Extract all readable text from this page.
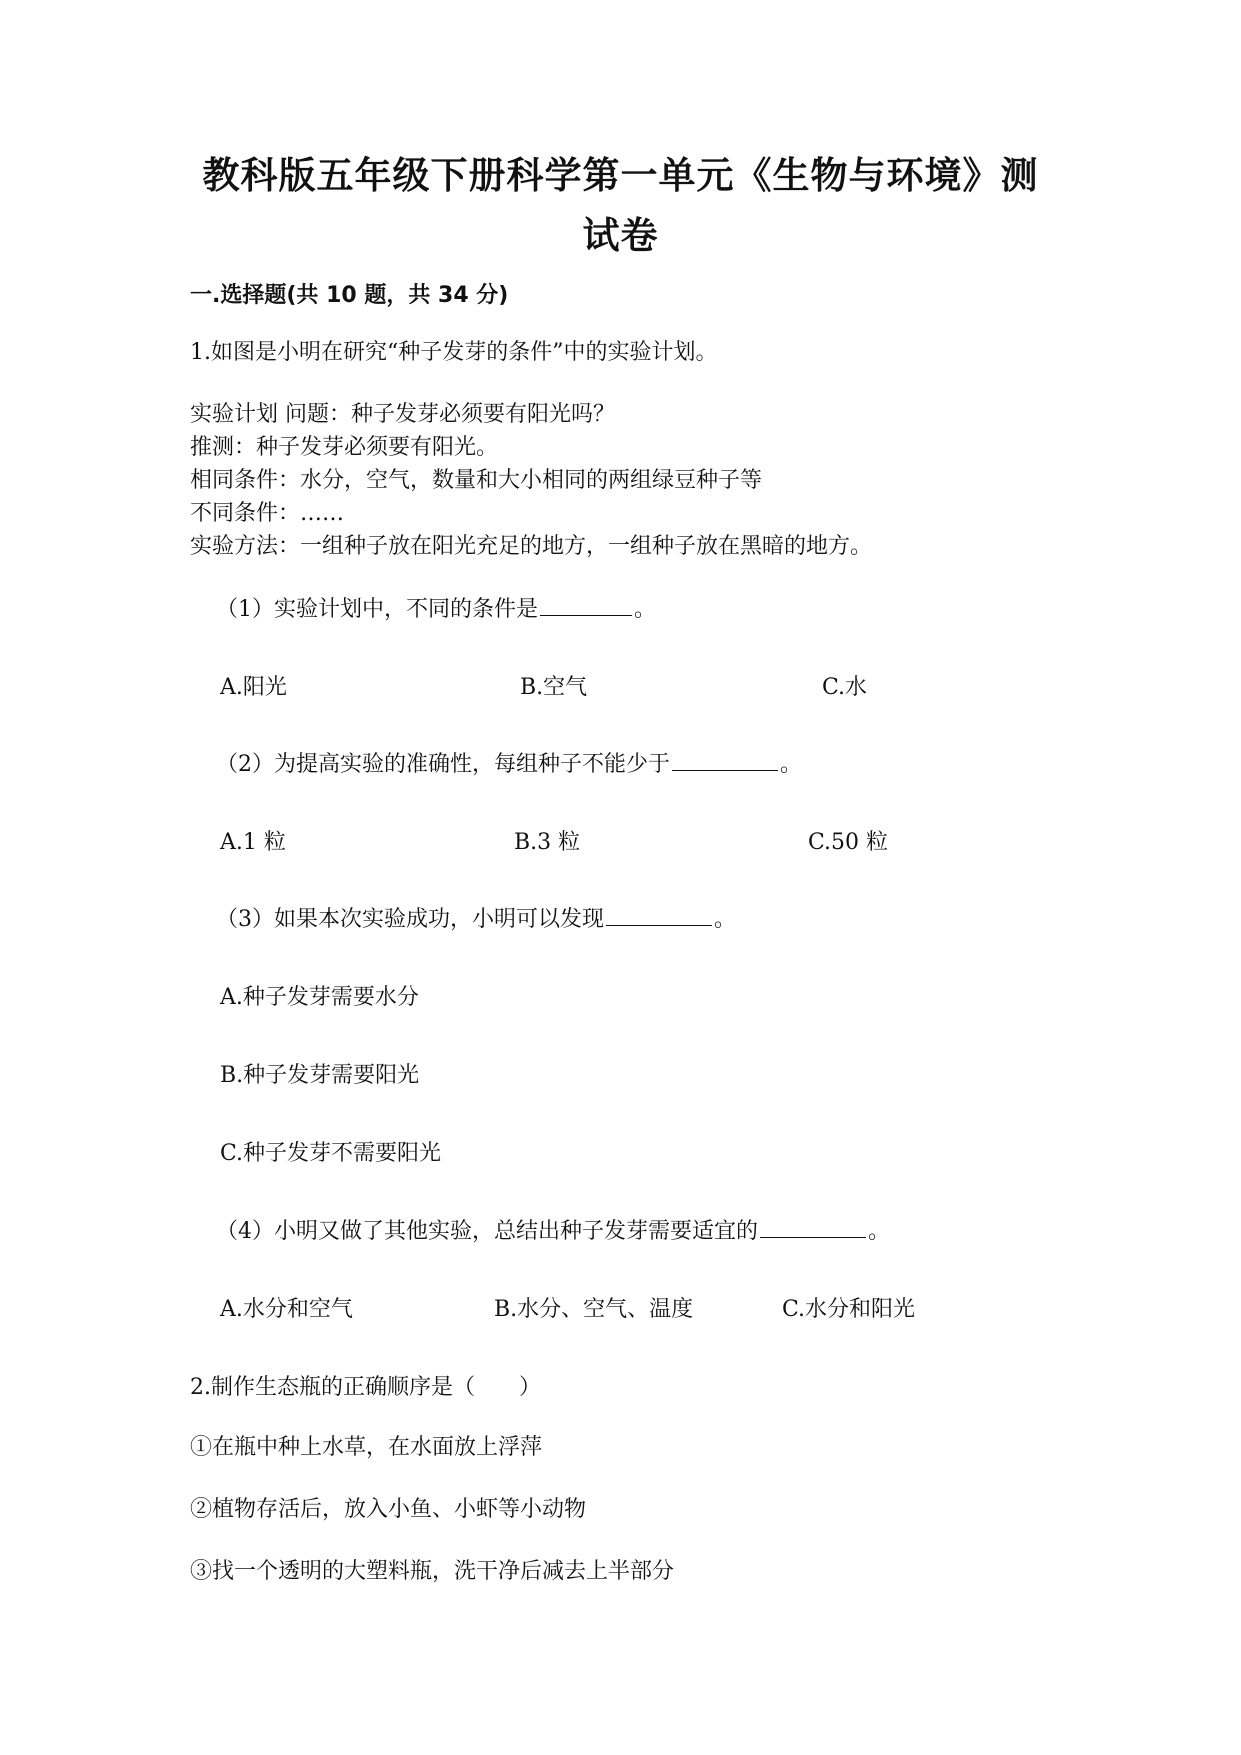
教科版五年级下册科学第一单元《生物与环境》测
试卷
一.选择题(共 10 题，共 34 分)
1.如图是小明在研究“种子发芽的条件”中的实验计划。
实验计划 问题：种子发芽必须要有阳光吗？
推测：种子发芽必须要有阳光。
相同条件：水分，空气，数量和大小相同的两组绿豆种子等
不同条件：……
实验方法：一组种子放在阳光充足的地方，一组种子放在黑暗的地方。
（1）实验计划中，不同的条件是	。
A.阳光	B.空气	C.水
（2）为提高实验的准确性，每组种子不能少于	。
A.1 粒	B.3 粒	C.50 粒
（3）如果本次实验成功，小明可以发现	。
A.种子发芽需要水分
B.种子发芽需要阳光
C.种子发芽不需要阳光
（4）小明又做了其他实验，总结出种子发芽需要适宜的	。
A.水分和空气	B.水分、空气、温度	C.水分和阳光
2.制作生态瓶的正确顺序是（　　）
①在瓶中种上水草，在水面放上浮萍
②植物存活后，放入小鱼、小虾等小动物
③找一个透明的大塑料瓶，洗干净后减去上半部分
